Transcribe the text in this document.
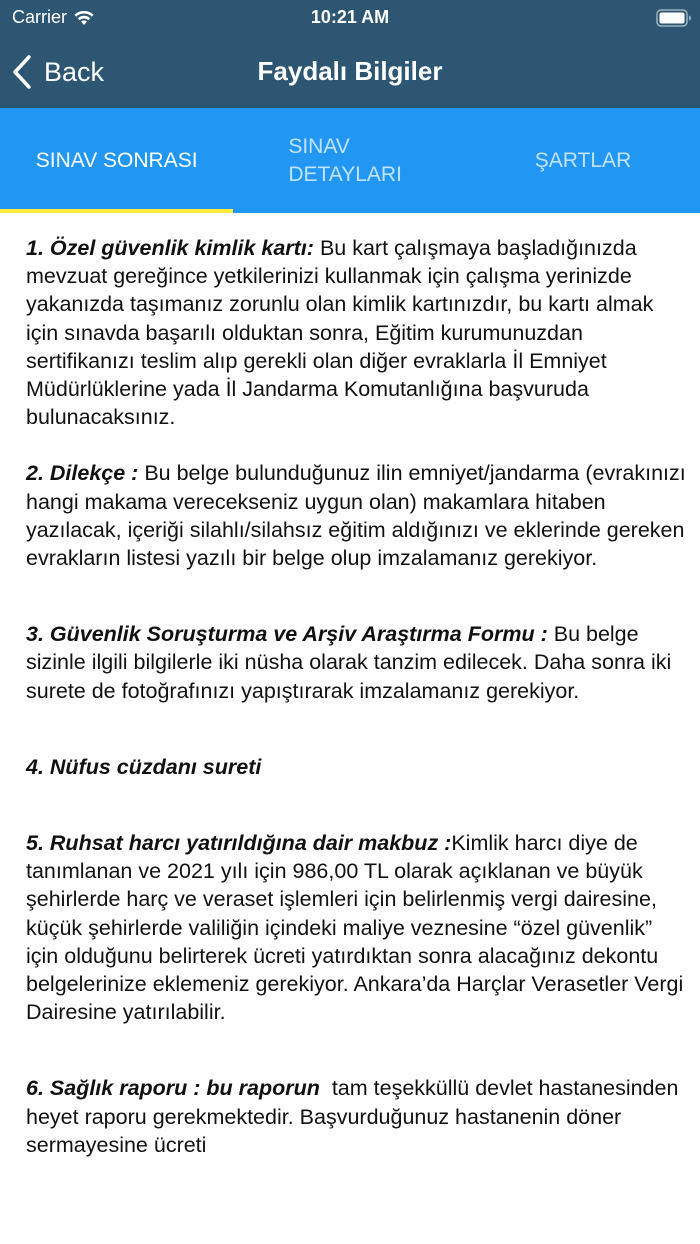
Carrier	10:21 AM
Back	Faydalı Bilgiler
SINAV SONRASI
SINAV DETAYLARI
ŞARTLAR

1. Özel güvenlik kimlik kartı: Bu kart çalışmaya başladığınızda mevzuat gereğince yetkilerinizi kullanmak için çalışma yerinizde yakanızda taşımanız zorunlu olan kimlik kartınızdır, bu kartı almak için sınavda başarılı olduktan sonra, Eğitim kurumunuzdan sertifikanızı teslim alıp gerekli olan diğer evraklarla İl Emniyet Müdürlüklerine yada İl Jandarma Komutanlığına başvuruda bulunacaksınız.

2. Dilekçe : Bu belge bulunduğunuz ilin emniyet/jandarma (evrakınızı hangi makama verecekseniz uygun olan) makamlara hitaben yazılacak, içeriği silahlı/silahsız eğitim aldığınızı ve eklerinde gereken evrakların listesi yazılı bir belge olup imzalamanız gerekiyor.

3. Güvenlik Soruşturma ve Arşiv Araştırma Formu : Bu belge sizinle ilgili bilgilerle iki nüsha olarak tanzim edilecek. Daha sonra iki surete de fotoğrafınızı yapıştırarak imzalamanız gerekiyor.

4. Nüfus cüzdanı sureti

5. Ruhsat harcı yatırıldığına dair makbuz :Kimlik harcı diye de tanımlanan ve 2021 yılı için 986,00 TL olarak açıklanan ve büyük şehirlerde harç ve veraset işlemleri için belirlenmiş vergi dairesine, küçük şehirlerde valiliğin içindeki maliye veznesine “özel güvenlik” için olduğunu belirterek ücreti yatırdıktan sonra alacağınız dekontu belgelerinize eklemeniz gerekiyor. Ankara’da Harçlar Verasetler Vergi Dairesine yatırılabilir.

6. Sağlık raporu : bu raporun  tam teşekküllü devlet hastanesinden heyet raporu gerekmektedir. Başvurduğunuz hastanenin döner sermayesine ücreti
